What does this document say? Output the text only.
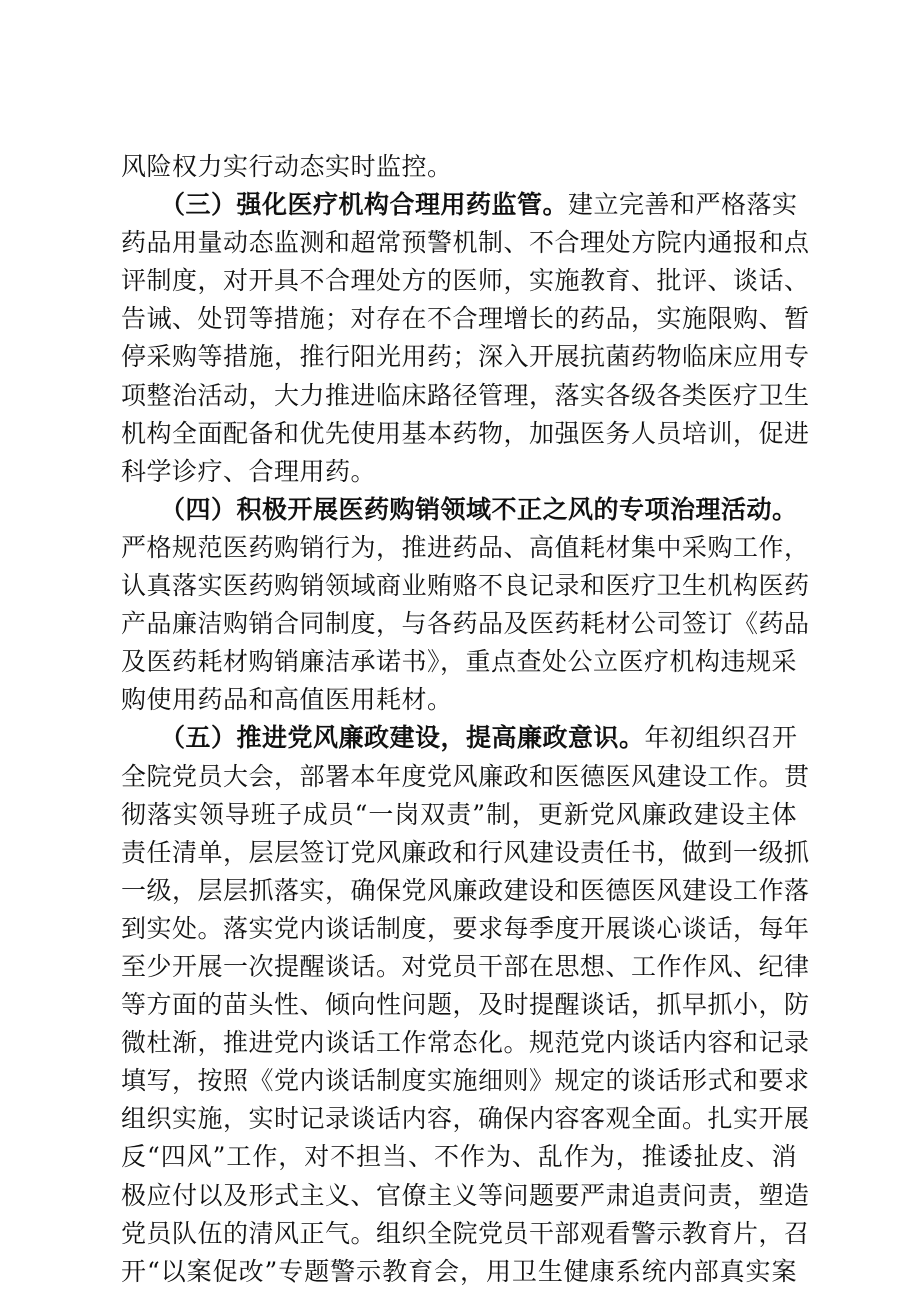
风险权力实行动态实时监控。
（三）强化医疗机构合理用药监管。建立完善和严格落实
药品用量动态监测和超常预警机制、不合理处方院内通报和点
评制度，对开具不合理处方的医师，实施教育、批评、谈话、
告诫、处罚等措施；对存在不合理增长的药品，实施限购、暂
停采购等措施，推行阳光用药；深入开展抗菌药物临床应用专
项整治活动，大力推进临床路径管理，落实各级各类医疗卫生
机构全面配备和优先使用基本药物，加强医务人员培训，促进
科学诊疗、合理用药。
（四）积极开展医药购销领域不正之风的专项治理活动。
严格规范医药购销行为，推进药品、高值耗材集中采购工作，
认真落实医药购销领域商业贿赂不良记录和医疗卫生机构医药
产品廉洁购销合同制度，与各药品及医药耗材公司签订《药品
及医药耗材购销廉洁承诺书》，重点查处公立医疗机构违规采
购使用药品和高值医用耗材。
（五）推进党风廉政建设，提高廉政意识。年初组织召开
全院党员大会，部署本年度党风廉政和医德医风建设工作。贯
彻落实领导班子成员“一岗双责”制，更新党风廉政建设主体
责任清单，层层签订党风廉政和行风建设责任书，做到一级抓
一级，层层抓落实，确保党风廉政建设和医德医风建设工作落
到实处。落实党内谈话制度，要求每季度开展谈心谈话，每年
至少开展一次提醒谈话。对党员干部在思想、工作作风、纪律
等方面的苗头性、倾向性问题，及时提醒谈话，抓早抓小，防
微杜渐，推进党内谈话工作常态化。规范党内谈话内容和记录
填写，按照《党内谈话制度实施细则》规定的谈话形式和要求
组织实施，实时记录谈话内容，确保内容客观全面。扎实开展
反“四风”工作，对不担当、不作为、乱作为，推诿扯皮、消
极应付以及形式主义、官僚主义等问题要严肃追责问责，塑造
党员队伍的清风正气。组织全院党员干部观看警示教育片，召
开“以案促改”专题警示教育会，用卫生健康系统内部真实案
